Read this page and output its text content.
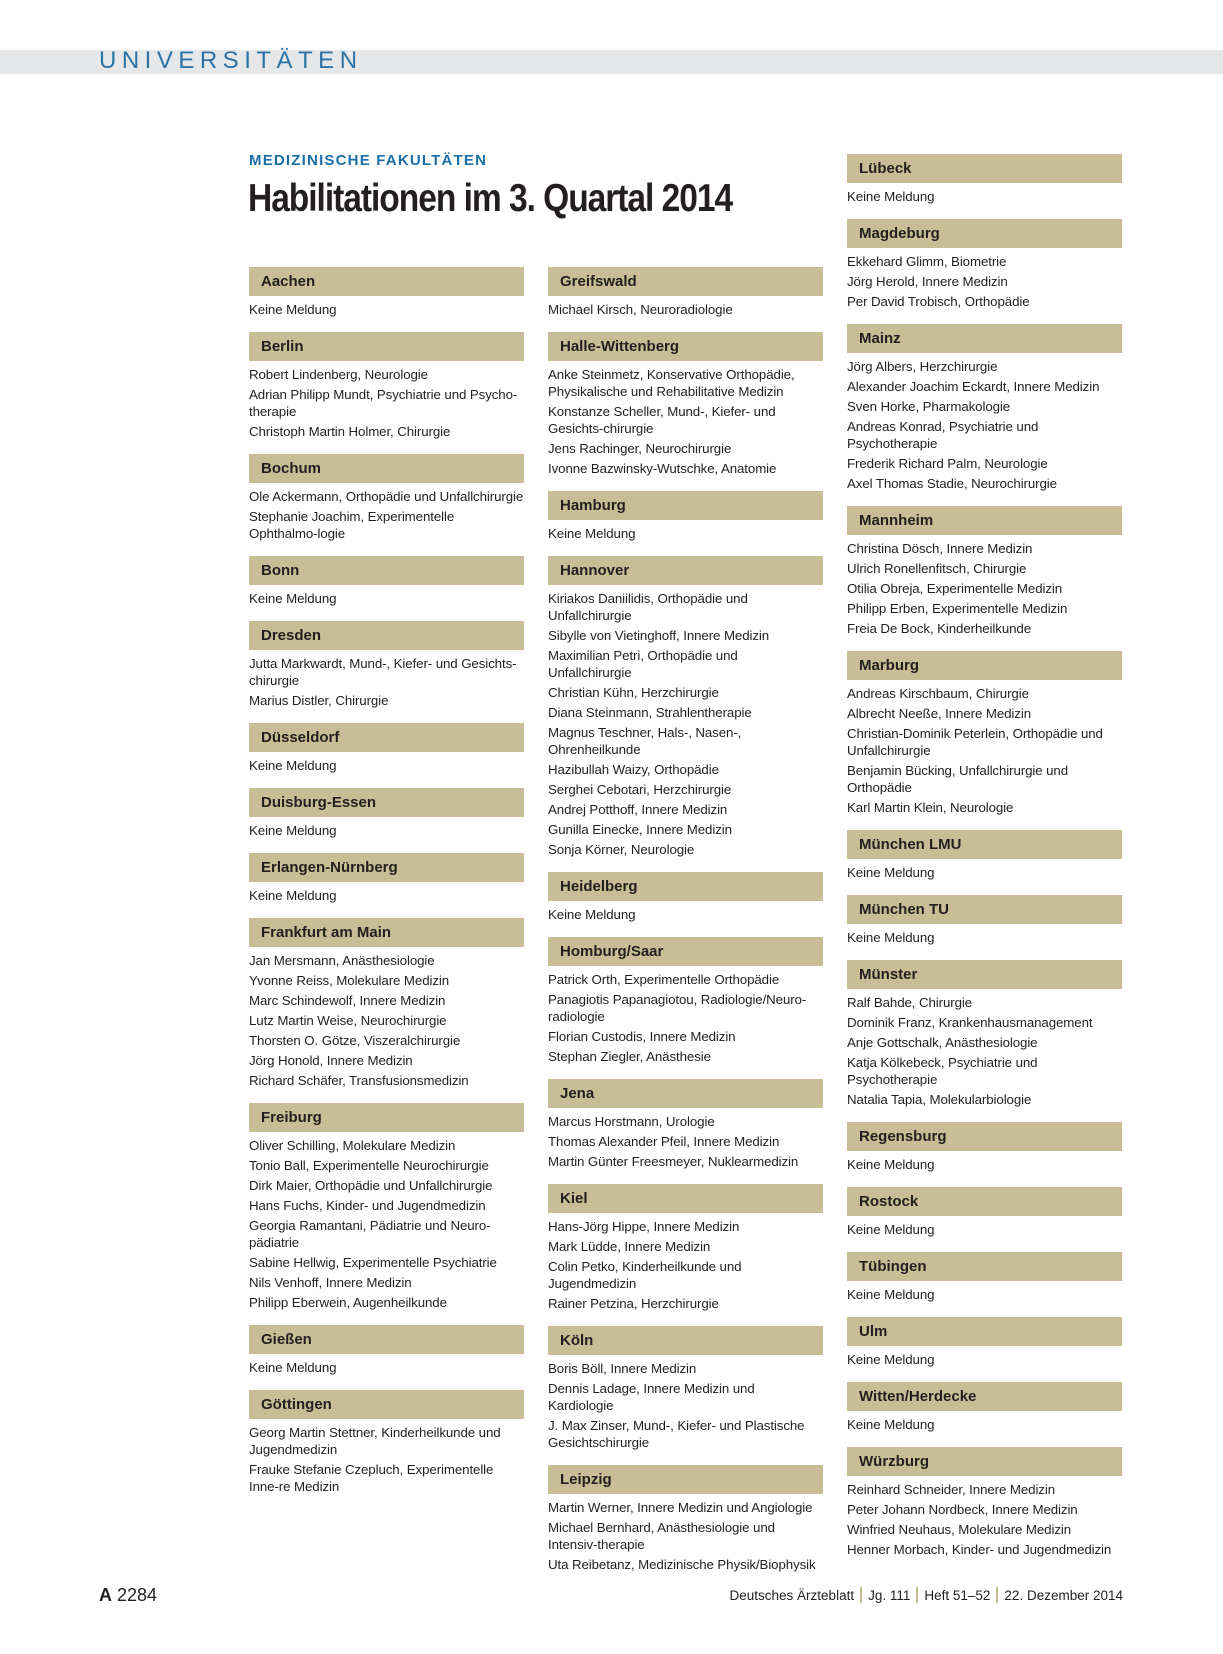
UNIVERSITÄTEN
MEDIZINISCHE FAKULTÄTEN
Habilitationen im 3. Quartal 2014
Aachen
Keine Meldung
Berlin
Robert Lindenberg, Neurologie
Adrian Philipp Mundt, Psychiatrie und Psycho-therapie
Christoph Martin Holmer, Chirurgie
Bochum
Ole Ackermann, Orthopädie und Unfallchirurgie
Stephanie Joachim, Experimentelle Ophthalmo-logie
Bonn
Keine Meldung
Dresden
Jutta Markwardt, Mund-, Kiefer- und Gesichts-chirurgie
Marius Distler, Chirurgie
Düsseldorf
Keine Meldung
Duisburg-Essen
Keine Meldung
Erlangen-Nürnberg
Keine Meldung
Frankfurt am Main
Jan Mersmann, Anästhesiologie
Yvonne Reiss, Molekulare Medizin
Marc Schindewolf, Innere Medizin
Lutz Martin Weise, Neurochirurgie
Thorsten O. Götze, Viszeralchirurgie
Jörg Honold, Innere Medizin
Richard Schäfer, Transfusionsmedizin
Freiburg
Oliver Schilling, Molekulare Medizin
Tonio Ball, Experimentelle Neurochirurgie
Dirk Maier, Orthopädie und Unfallchirurgie
Hans Fuchs, Kinder- und Jugendmedizin
Georgia Ramantani, Pädiatrie und Neuro-pädiatrie
Sabine Hellwig, Experimentelle Psychiatrie
Nils Venhoff, Innere Medizin
Philipp Eberwein, Augenheilkunde
Gießen
Keine Meldung
Göttingen
Georg Martin Stettner, Kinderheilkunde und Jugendmedizin
Frauke Stefanie Czepluch, Experimentelle Inne-re Medizin
Greifswald
Michael Kirsch, Neuroradiologie
Halle-Wittenberg
Anke Steinmetz, Konservative Orthopädie, Physikalische und Rehabilitative Medizin
Konstanze Scheller, Mund-, Kiefer- und Gesichts-chirurgie
Jens Rachinger, Neurochirurgie
Ivonne Bazwinsky-Wutschke, Anatomie
Hamburg
Keine Meldung
Hannover
Kiriakos Daniilidis, Orthopädie und Unfallchirurgie
Sibylle von Vietinghoff, Innere Medizin
Maximilian Petri, Orthopädie und Unfallchirurgie
Christian Kühn, Herzchirurgie
Diana Steinmann, Strahlentherapie
Magnus Teschner, Hals-, Nasen-, Ohrenheilkunde
Hazibullah Waizy, Orthopädie
Serghei Cebotari, Herzchirurgie
Andrej Potthoff, Innere Medizin
Gunilla Einecke, Innere Medizin
Sonja Körner, Neurologie
Heidelberg
Keine Meldung
Homburg/Saar
Patrick Orth, Experimentelle Orthopädie
Panagiotis Papanagiotou, Radiologie/Neuro-radiologie
Florian Custodis, Innere Medizin
Stephan Ziegler, Anästhesie
Jena
Marcus Horstmann, Urologie
Thomas Alexander Pfeil, Innere Medizin
Martin Günter Freesmeyer, Nuklearmedizin
Kiel
Hans-Jörg Hippe, Innere Medizin
Mark Lüdde, Innere Medizin
Colin Petko, Kinderheilkunde und Jugendmedizin
Rainer Petzina, Herzchirurgie
Köln
Boris Böll, Innere Medizin
Dennis Ladage, Innere Medizin und Kardiologie
J. Max Zinser, Mund-, Kiefer- und Plastische Gesichtschirurgie
Leipzig
Martin Werner, Innere Medizin und Angiologie
Michael Bernhard, Anästhesiologie und Intensiv-therapie
Uta Reibetanz, Medizinische Physik/Biophysik
Lübeck
Keine Meldung
Magdeburg
Ekkehard Glimm, Biometrie
Jörg Herold, Innere Medizin
Per David Trobisch, Orthopädie
Mainz
Jörg Albers, Herzchirurgie
Alexander Joachim Eckardt, Innere Medizin
Sven Horke, Pharmakologie
Andreas Konrad, Psychiatrie und Psychotherapie
Frederik Richard Palm, Neurologie
Axel Thomas Stadie, Neurochirurgie
Mannheim
Christina Dösch, Innere Medizin
Ulrich Ronellenfitsch, Chirurgie
Otilia Obreja, Experimentelle Medizin
Philipp Erben, Experimentelle Medizin
Freia De Bock, Kinderheilkunde
Marburg
Andreas Kirschbaum, Chirurgie
Albrecht Neeße, Innere Medizin
Christian-Dominik Peterlein, Orthopädie und Unfallchirurgie
Benjamin Bücking, Unfallchirurgie und Orthopädie
Karl Martin Klein, Neurologie
München LMU
Keine Meldung
München TU
Keine Meldung
Münster
Ralf Bahde, Chirurgie
Dominik Franz, Krankenhausmanagement
Anje Gottschalk, Anästhesiologie
Katja Kölkebeck, Psychiatrie und Psychotherapie
Natalia Tapia, Molekularbiologie
Regensburg
Keine Meldung
Rostock
Keine Meldung
Tübingen
Keine Meldung
Ulm
Keine Meldung
Witten/Herdecke
Keine Meldung
Würzburg
Reinhard Schneider, Innere Medizin
Peter Johann Nordbeck, Innere Medizin
Winfried Neuhaus, Molekulare Medizin
Henner Morbach, Kinder- und Jugendmedizin
A 2284	Deutsches Ärzteblatt Jg. 111 Heft 51–52 22. Dezember 2014
